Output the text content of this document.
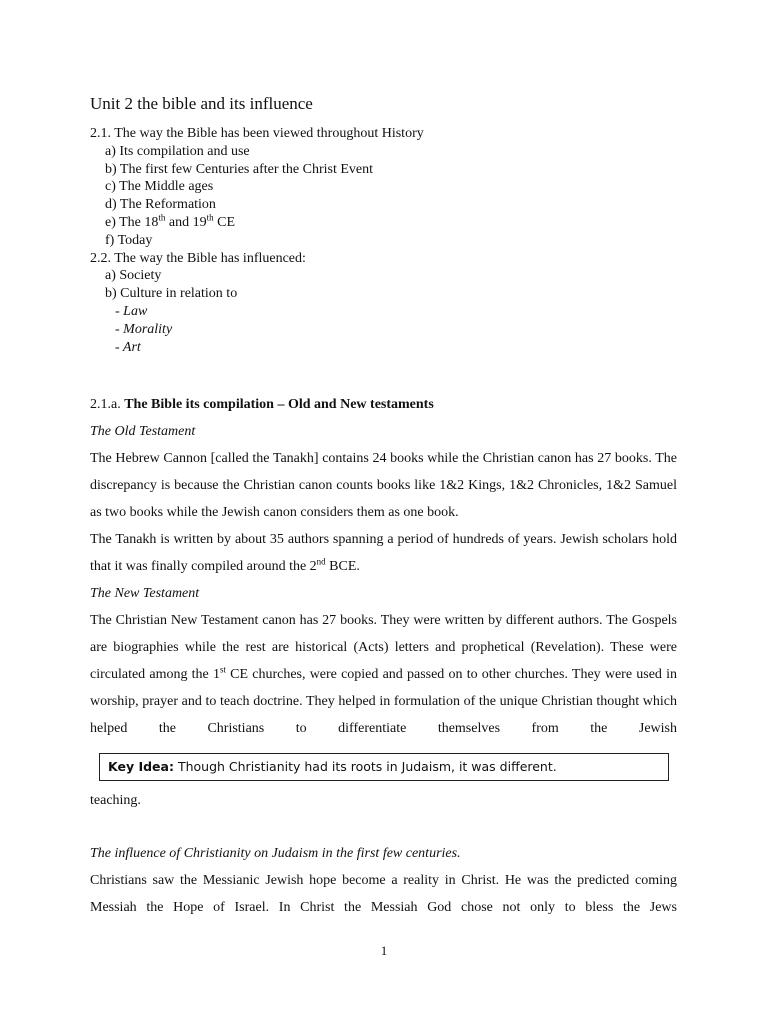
Unit 2 the bible and its influence
2.1. The way the Bible has been viewed throughout History
a) Its compilation and use
b) The first few Centuries after the Christ Event
c) The Middle ages
d) The Reformation
e) The 18th and 19th CE
f) Today
2.2. The way the Bible has influenced:
a) Society
b) Culture in relation to
- Law
- Morality
- Art

2.1.a. The Bible its compilation – Old and New testaments

The Old Testament

The Hebrew Cannon [called the Tanakh] contains 24 books while the Christian canon has 27 books. The discrepancy is because the Christian canon counts books like 1&2 Kings, 1&2 Chronicles, 1&2 Samuel as two books while the Jewish canon considers them as one book.

The Tanakh is written by about 35 authors spanning a period of hundreds of years. Jewish scholars hold that it was finally compiled around the 2nd BCE.

The New Testament

The Christian New Testament canon has 27 books. They were written by different authors. The Gospels are biographies while the rest are historical (Acts) letters and prophetical (Revelation). These were circulated among the 1st CE churches, were copied and passed on to other churches. They were used in worship, prayer and to teach doctrine. They helped in formulation of the unique Christian thought which helped the Christians to differentiate themselves from the Jewish

Key Idea: Though Christianity had its roots in Judaism, it was different.

teaching.

The influence of Christianity on Judaism in the first few centuries.

Christians saw the Messianic Jewish hope become a reality in Christ. He was the predicted coming Messiah the Hope of Israel. In Christ the Messiah God chose not only to bless the Jews

1
